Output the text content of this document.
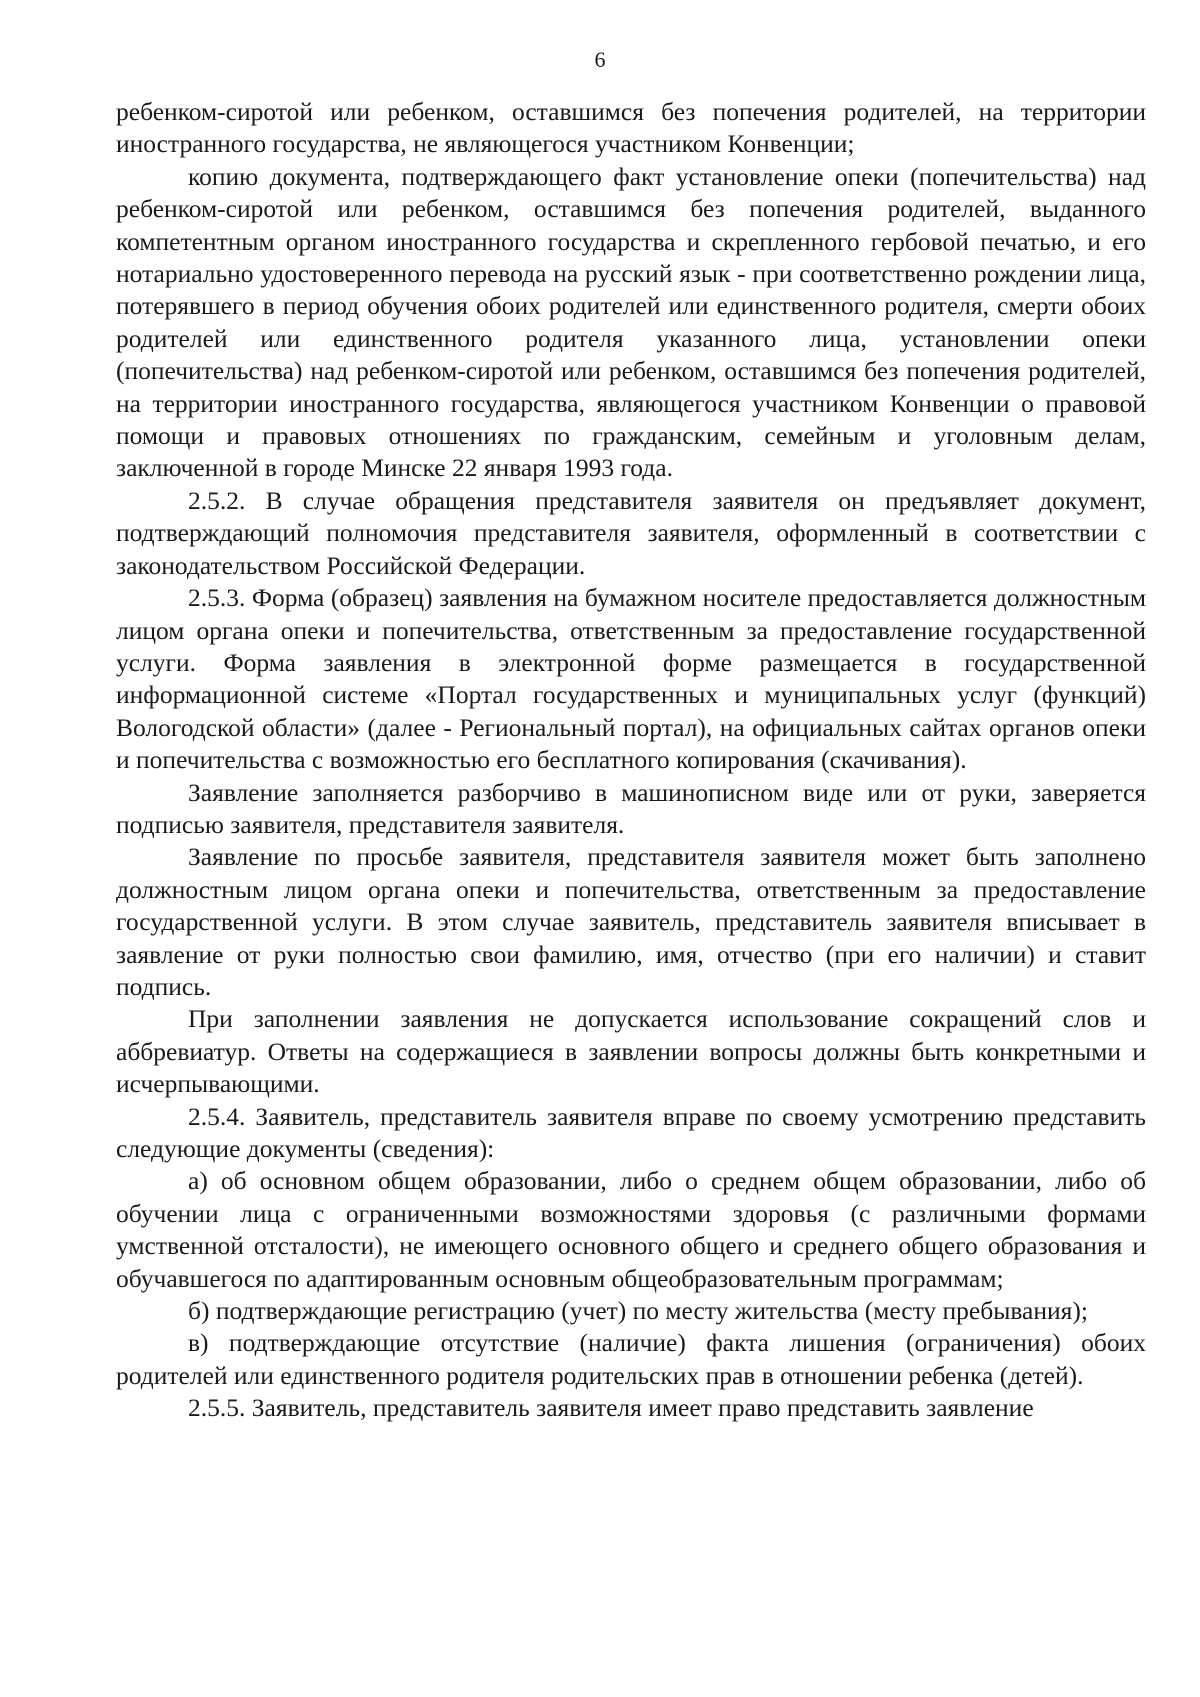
6

ребенком-сиротой или ребенком, оставшимся без попечения родителей, на территории иностранного государства, не являющегося участником Конвенции;

копию документа, подтверждающего факт установление опеки (попечительства) над ребенком-сиротой или ребенком, оставшимся без попечения родителей, выданного компетентным органом иностранного государства и скрепленного гербовой печатью, и его нотариально удостоверенного перевода на русский язык - при соответственно рождении лица, потерявшего в период обучения обоих родителей или единственного родителя, смерти обоих родителей или единственного родителя указанного лица, установлении опеки (попечительства) над ребенком-сиротой или ребенком, оставшимся без попечения родителей, на территории иностранного государства, являющегося участником Конвенции о правовой помощи и правовых отношениях по гражданским, семейным и уголовным делам, заключенной в городе Минске 22 января 1993 года.

2.5.2. В случае обращения представителя заявителя он предъявляет документ, подтверждающий полномочия представителя заявителя, оформленный в соответствии с законодательством Российской Федерации.

2.5.3. Форма (образец) заявления на бумажном носителе предоставляется должностным лицом органа опеки и попечительства, ответственным за предоставление государственной услуги. Форма заявления в электронной форме размещается в государственной информационной системе «Портал государственных и муниципальных услуг (функций) Вологодской области» (далее - Региональный портал), на официальных сайтах органов опеки и попечительства с возможностью его бесплатного копирования (скачивания).

Заявление заполняется разборчиво в машинописном виде или от руки, заверяется подписью заявителя, представителя заявителя.

Заявление по просьбе заявителя, представителя заявителя может быть заполнено должностным лицом органа опеки и попечительства, ответственным за предоставление государственной услуги. В этом случае заявитель, представитель заявителя вписывает в заявление от руки полностью свои фамилию, имя, отчество (при его наличии) и ставит подпись.

При заполнении заявления не допускается использование сокращений слов и аббревиатур. Ответы на содержащиеся в заявлении вопросы должны быть конкретными и исчерпывающими.

2.5.4. Заявитель, представитель заявителя вправе по своему усмотрению представить следующие документы (сведения):

а) об основном общем образовании, либо о среднем общем образовании, либо об обучении лица с ограниченными возможностями здоровья (с различными формами умственной отсталости), не имеющего основного общего и среднего общего образования и обучавшегося по адаптированным основным общеобразовательным программам;

б) подтверждающие регистрацию (учет) по месту жительства (месту пребывания);

в) подтверждающие отсутствие (наличие) факта лишения (ограничения) обоих родителей или единственного родителя родительских прав в отношении ребенка (детей).

2.5.5. Заявитель, представитель заявителя имеет право представить заявление
